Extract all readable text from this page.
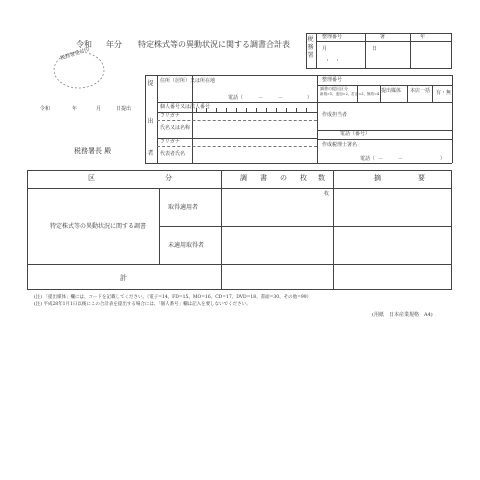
令和 年分 特定株式等の異動状況に関する調書合計表
税務署受付印
税務署
整理番号	署	年
月	日
・　・
提
出
者
住所（居所）又は所在地
個人番号又は法人番号
フリガナ
氏名又は名称
フリガナ
代表者氏名
電話（	－　　　－	）
整理番号
調書の提出区分
新規=1、追加=2、訂正=3、無効=4 提出媒体 本店一括 有・無
作成担当者
電話（番号）
作成税理士署名
電話（ －　　　－	）
令和	年	月	日提出
税務署長 殿
区	分	調 書 の 枚 数	摘	要
特定株式等の異動状況に関する調書
取得適用者
未適用取得者
枚
計
(注) 「提出媒体」欄には、コードを記載してください。（電子=14、FD=15、MO=16、CD=17、DVD=18、書面=30、その他=99）
(注) 平成28年1月1日以後にこの合計表を提出する場合には、「個人番号」欄は記入を要しないでください。
(用紙　日本産業規格　A4)
